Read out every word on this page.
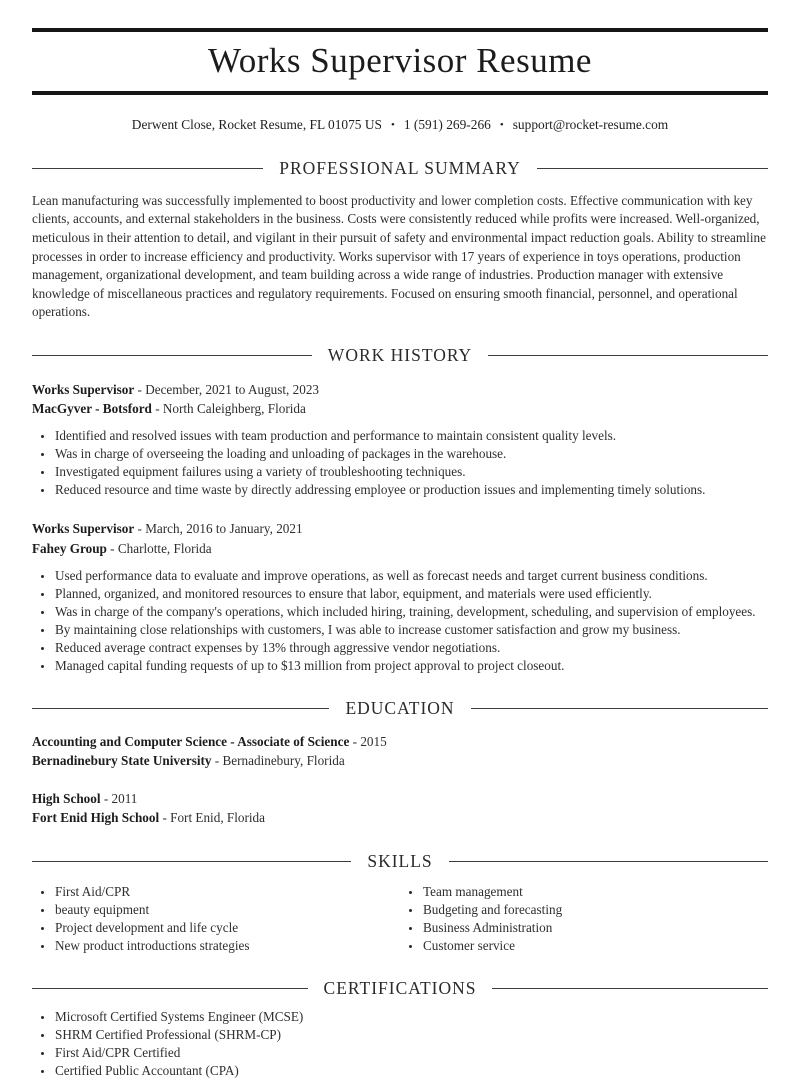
Works Supervisor Resume
Derwent Close, Rocket Resume, FL 01075 US • 1 (591) 269-266 • support@rocket-resume.com
PROFESSIONAL SUMMARY

Lean manufacturing was successfully implemented to boost productivity and lower completion costs. Effective communication with key clients, accounts, and external stakeholders in the business. Costs were consistently reduced while profits were increased. Well-organized, meticulous in their attention to detail, and vigilant in their pursuit of safety and environmental impact reduction goals. Ability to streamline processes in order to increase efficiency and productivity. Works supervisor with 17 years of experience in toys operations, production management, organizational development, and team building across a wide range of industries. Production manager with extensive knowledge of miscellaneous practices and regulatory requirements. Focused on ensuring smooth financial, personnel, and operational operations.

WORK HISTORY
Works Supervisor - December, 2021 to August, 2023
MacGyver - Botsford - North Caleighberg, Florida
• Identified and resolved issues with team production and performance to maintain consistent quality levels.
• Was in charge of overseeing the loading and unloading of packages in the warehouse.
• Investigated equipment failures using a variety of troubleshooting techniques.
• Reduced resource and time waste by directly addressing employee or production issues and implementing timely solutions.
Works Supervisor - March, 2016 to January, 2021
Fahey Group - Charlotte, Florida
• Used performance data to evaluate and improve operations, as well as forecast needs and target current business conditions.
• Planned, organized, and monitored resources to ensure that labor, equipment, and materials were used efficiently.
• Was in charge of the company's operations, which included hiring, training, development, scheduling, and supervision of employees.
• By maintaining close relationships with customers, I was able to increase customer satisfaction and grow my business.
• Reduced average contract expenses by 13% through aggressive vendor negotiations.
• Managed capital funding requests of up to $13 million from project approval to project closeout.
EDUCATION
Accounting and Computer Science - Associate of Science - 2015
Bernadinebury State University - Bernadinebury, Florida
High School - 2011
Fort Enid High School - Fort Enid, Florida
SKILLS
• First Aid/CPR
• beauty equipment
• Project development and life cycle
• New product introductions strategies
• Team management
• Budgeting and forecasting
• Business Administration
• Customer service
CERTIFICATIONS
• Microsoft Certified Systems Engineer (MCSE)
• SHRM Certified Professional (SHRM-CP)
• First Aid/CPR Certified
• Certified Public Accountant (CPA)
